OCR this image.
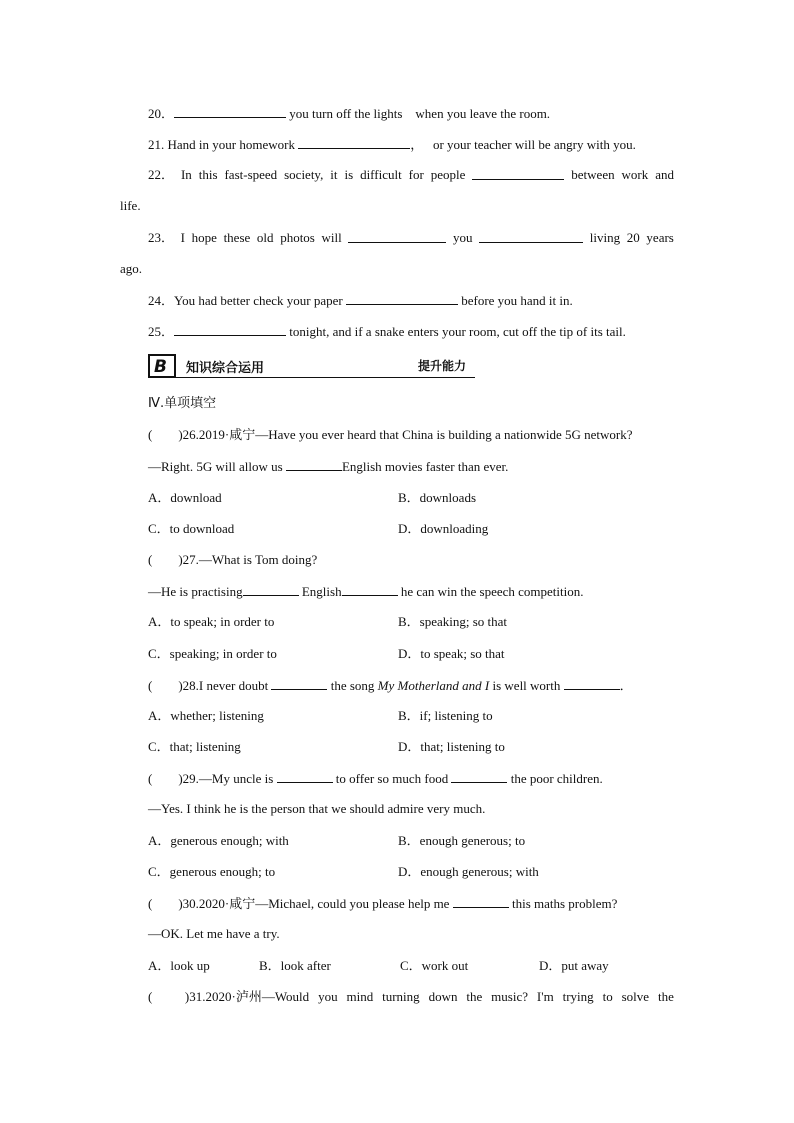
20．	you turn off the lights    when you leave the room.
21. Hand in your homework	，   or your teacher will be angry with you.
22． In this fast-speed society, it is difficult for people	between work and
life.
23． I hope these old photos will	you	living 20 years
ago.
24．You had better check your paper	before you hand it in.
25．	tonight, and if a snake enters your room, cut off the tip of its tail.
B 知识综合运用	提升能力
Ⅳ.单项填空
(        )26.2019·咸宁—Have you ever heard that China is building a nationwide 5G network?
—Right. 5G will allow us	English movies faster than ever.
A．download	B．downloads
C．to download	D．downloading
(        )27.—What is Tom doing?
—He is practising	English	he can win the speech competition.
A．to speak; in order to	B．speaking; so that
C．speaking; in order to	D．to speak; so that
(        )28.I never doubt	the song My Motherland and I is well worth	．
A．whether; listening	B．if; listening to
C．that; listening	D．that; listening to
(        )29.—My uncle is	to offer so much food	the poor children.
—Yes. I think he is the person that we should admire very much.
A．generous enough; with	B．enough generous; to
C．generous enough; to	D．enough generous; with
(        )30.2020·咸宁—Michael, could you please help me	this maths problem?
—OK. Let me have a try.
A．look up	B．look after	C．work out	D．put away
(	)31.2020·泸州—Would you mind turning down the music? I'm trying to solve the
